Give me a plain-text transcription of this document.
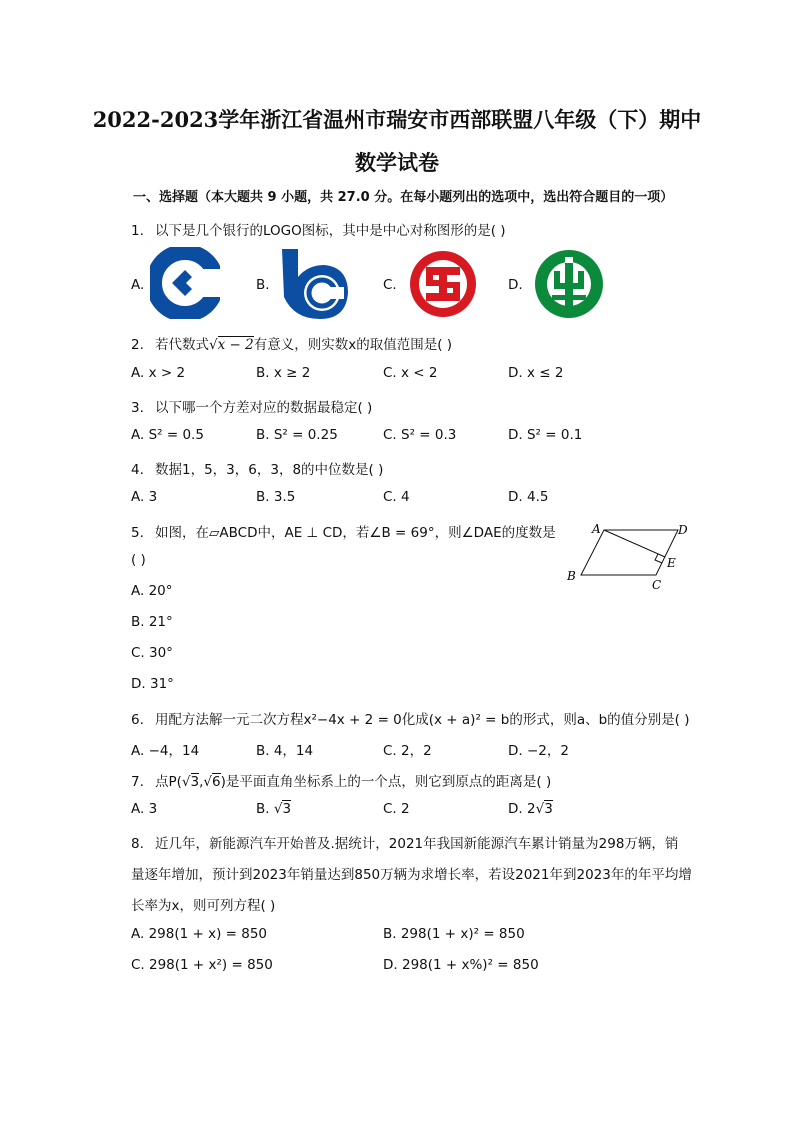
2022-2023学年浙江省温州市瑞安市西部联盟八年级（下）期中
数学试卷
一、选择题（本大题共 9 小题，共 27.0 分。在每小题列出的选项中，选出符合题目的一项）
1. 以下是几个银行的LOGO图标，其中是中心对称图形的是( )
A.	B.	C.	D.
2. 若代数式√x − 2有意义，则实数x的取值范围是( )
A. x > 2	B. x ≥ 2	C. x < 2	D. x ≤ 2
3. 以下哪一个方差对应的数据最稳定( )
A. S² = 0.5	B. S² = 0.25	C. S² = 0.3	D. S² = 0.1
4. 数据1，5，3，6，3，8的中位数是( )
A. 3	B. 3.5	C. 4	D. 4.5
5. 如图，在▱ABCD中，AE ⊥ CD，若∠B = 69°，则∠DAE的度数是
( )
A. 20°
B. 21°
C. 30°
D. 31°
A	D
B
C
E
6. 用配方法解一元二次方程x²−4x + 2 = 0化成(x + a)² = b的形式，则a、b的值分别是( )
A. −4，14	B. 4，14	C. 2，2	D. −2，2
7. 点P(√3,√6)是平面直角坐标系上的一个点，则它到原点的距离是( )
A. 3	B. √3	C. 2	D. 2√3
8. 近几年，新能源汽车开始普及.据统计，2021年我国新能源汽车累计销量为298万辆，销
量逐年增加，预计到2023年销量达到850万辆为求增长率，若设2021年到2023年的年平均增
长率为x，则可列方程( )
A. 298(1 + x) = 850	B. 298(1 + x)² = 850
C. 298(1 + x²) = 850	D. 298(1 + x%)² = 850
